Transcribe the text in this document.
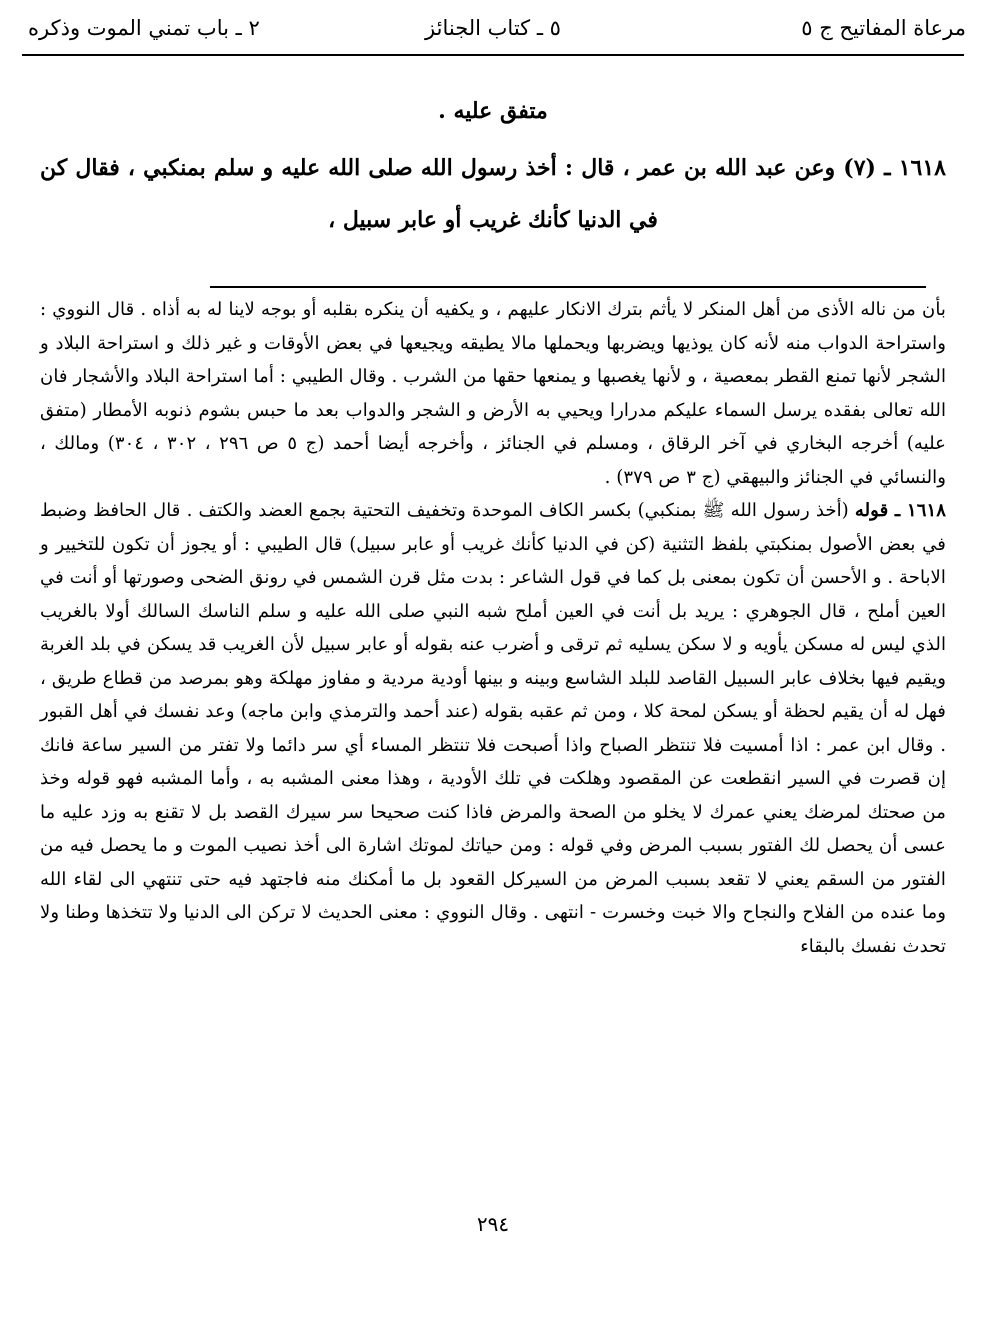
مرعاة المفاتيح ج ٥
٥ ـ كتاب الجنائز
٢ ـ باب تمني الموت وذكره
متفق عليه .
١٦١٨ ـ (٧) وعن عبد الله بن عمر ، قال : أخذ رسول الله صلى الله عليه و سلم بمنكبي ، فقال كن في الدنيا كأنك غريب أو عابر سبيل ،

بأن من ناله الأذى من أهل المنكر لا يأثم بترك الانكار عليهم ، و يكفيه أن ينكره بقلبه أو بوجه لاينا له به أذاه . قال النووي : واستراحة الدواب منه لأنه كان يوذيها ويضربها ويحملها مالا يطيقه ويجيعها في بعض الأوقات و غير ذلك و استراحة البلاد و الشجر لأنها تمنع القطر بمعصية ، و لأنها يغصبها و يمنعها حقها من الشرب . وقال الطيبي : أما استراحة البلاد والأشجار فان الله تعالى بفقده يرسل السماء عليكم مدرارا ويحيي به الأرض و الشجر والدواب بعد ما حبس بشوم ذنوبه الأمطار (متفق عليه) أخرجه البخاري في آخر الرقاق ، ومسلم في الجنائز ، وأخرجه أيضا أحمد (ج ٥ ص ٢٩٦ ، ٣٠٢ ، ٣٠٤) ومالك ، والنسائي في الجنائز والبيهقي (ج ٣ ص ٣٧٩) .

١٦١٨ ـ قوله (أخذ رسول الله ﷺ بمنكبي) بكسر الكاف الموحدة وتخفيف التحتية بجمع العضد والكتف . قال الحافظ وضبط في بعض الأصول بمنكبتي بلفظ التثنية (كن في الدنيا كأنك غريب أو عابر سبيل) قال الطيبي : أو يجوز أن تكون للتخيير و الاباحة . و الأحسن أن تكون بمعنى بل كما في قول الشاعر : بدت مثل قرن الشمس في رونق الضحى وصورتها أو أنت في العين أملح ، قال الجوهري : يريد بل أنت في العين أملح شبه النبي صلى الله عليه و سلم الناسك السالك أولا بالغريب الذي ليس له مسكن يأويه و لا سكن يسليه ثم ترقى و أضرب عنه بقوله أو عابر سبيل لأن الغريب قد يسكن في بلد الغربة ويقيم فيها بخلاف عابر السبيل القاصد للبلد الشاسع وبينه و بينها أودية مردية و مفاوز مهلكة وهو بمرصد من قطاع طريق ، فهل له أن يقيم لحظة أو يسكن لمحة كلا ، ومن ثم عقبه بقوله (عند أحمد والترمذي وابن ماجه) وعد نفسك في أهل القبور . وقال ابن عمر : اذا أمسيت فلا تنتظر الصباح واذا أصبحت فلا تنتظر المساء أي سر دائما ولا تفتر من السير ساعة فانك إن قصرت في السير انقطعت عن المقصود وهلكت في تلك الأودية ، وهذا معنى المشبه به ، وأما المشبه فهو قوله وخذ من صحتك لمرضك يعني عمرك لا يخلو من الصحة والمرض فاذا كنت صحيحا سر سيرك القصد بل لا تقنع به وزد عليه ما عسى أن يحصل لك الفتور بسبب المرض وفي قوله : ومن حياتك لموتك اشارة الى أخذ نصيب الموت و ما يحصل فيه من الفتور من السقم يعني لا تقعد بسبب المرض من السيركل القعود بل ما أمكنك منه فاجتهد فيه حتى تنتهي الى لقاء الله وما عنده من الفلاح والنجاح والا خبت وخسرت - انتهى . وقال النووي : معنى الحديث لا تركن الى الدنيا ولا تتخذها وطنا ولا تحدث نفسك بالبقاء

٢٩٤
